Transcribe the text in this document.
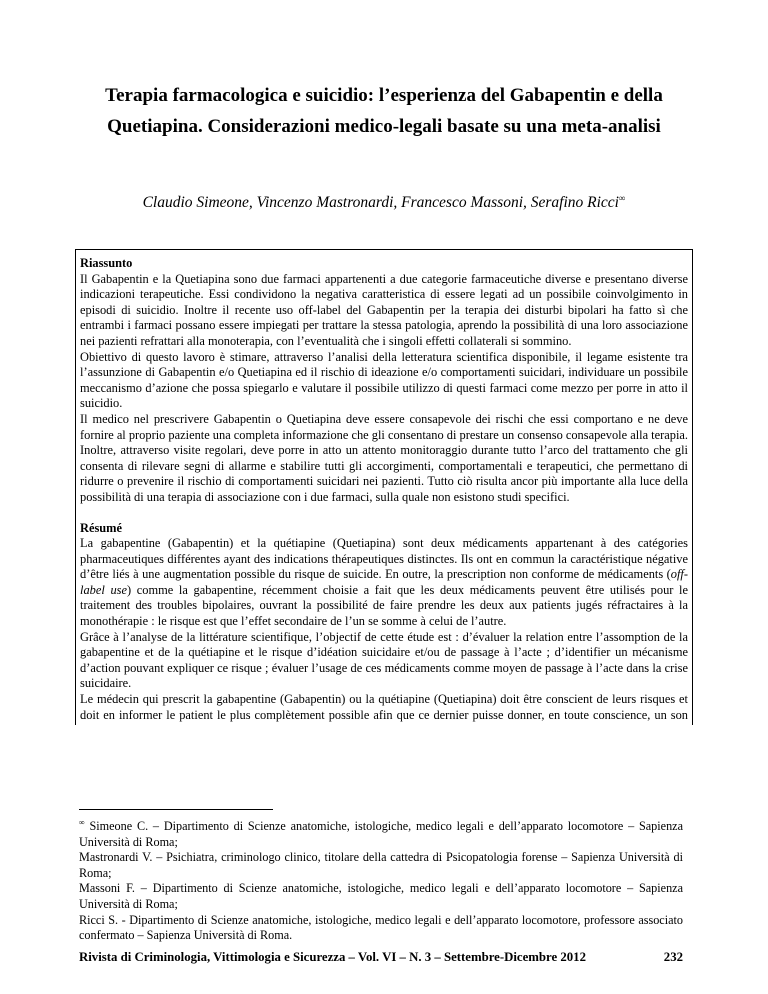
Terapia farmacologica e suicidio: l’esperienza del Gabapentin e della
Quetiapina. Considerazioni medico-legali basate su una meta-analisi
Claudio Simeone, Vincenzo Mastronardi, Francesco Massoni, Serafino Ricci∞
Riassunto

Il Gabapentin e la Quetiapina sono due farmaci appartenenti a due categorie farmaceutiche diverse e presentano diverse indicazioni terapeutiche. Essi condividono la negativa caratteristica di essere legati ad un possibile coinvolgimento in episodi di suicidio. Inoltre il recente uso off-label del Gabapentin per la terapia dei disturbi bipolari ha fatto sì che entrambi i farmaci possano essere impiegati per trattare la stessa patologia, aprendo la possibilità di una loro associazione nei pazienti refrattari alla monoterapia, con l’eventualità che i singoli effetti collaterali si sommino.

Obiettivo di questo lavoro è stimare, attraverso l’analisi della letteratura scientifica disponibile, il legame esistente tra l’assunzione di Gabapentin e/o Quetiapina ed il rischio di ideazione e/o comportamenti suicidari, individuare un possibile meccanismo d’azione che possa spiegarlo e valutare il possibile utilizzo di questi farmaci come mezzo per porre in atto il suicidio.

Il medico nel prescrivere Gabapentin o Quetiapina deve essere consapevole dei rischi che essi comportano e ne deve fornire al proprio paziente una completa informazione che gli consentano di prestare un consenso consapevole alla terapia. Inoltre, attraverso visite regolari, deve porre in atto un attento monitoraggio durante tutto l’arco del trattamento che gli consenta di rilevare segni di allarme e stabilire tutti gli accorgimenti, comportamentali e terapeutici, che permettano di ridurre o prevenire il rischio di comportamenti suicidari nei pazienti. Tutto ciò risulta ancor più importante alla luce della possibilità di una terapia di associazione con i due farmaci, sulla quale non esistono studi specifici.

Résumé

La gabapentine (Gabapentin) et la quétiapine (Quetiapina) sont deux médicaments appartenant à des catégories pharmaceutiques différentes ayant des indications thérapeutiques distinctes. Ils ont en commun la caractéristique négative d’être liés à une augmentation possible du risque de suicide. En outre, la prescription non conforme de médicaments (off-label use) comme la gabapentine, récemment choisie a fait que les deux médicaments peuvent être utilisés pour le traitement des troubles bipolaires, ouvrant la possibilité de faire prendre les deux aux patients jugés réfractaires à la monothérapie : le risque est que l’effet secondaire de l’un se somme à celui de l’autre.

Grâce à l’analyse de la littérature scientifique, l’objectif de cette étude est : d’évaluer la relation entre l’assomption de la gabapentine et de la quétiapine et le risque d’idéation suicidaire et/ou de passage à l’acte ; d’identifier un mécanisme d’action pouvant expliquer ce risque ; évaluer l’usage de ces médicaments comme moyen de passage à l’acte dans la crise suicidaire.

Le médecin qui prescrit la gabapentine (Gabapentin) ou la quétiapine (Quetiapina) doit être conscient de leurs risques et doit en informer le patient le plus complètement possible afin que ce dernier puisse donner, en toute conscience, un son

∞ Simeone C. – Dipartimento di Scienze anatomiche, istologiche, medico legali e dell’apparato locomotore – Sapienza Università di Roma;

Mastronardi V. – Psichiatra, criminologo clinico, titolare della cattedra di Psicopatologia forense – Sapienza Università di Roma;

Massoni F. – Dipartimento di Scienze anatomiche, istologiche, medico legali e dell’apparato locomotore – Sapienza Università di Roma;

Ricci S. - Dipartimento di Scienze anatomiche, istologiche, medico legali e dell’apparato locomotore, professore associato confermato – Sapienza Università di Roma.

Rivista di Criminologia, Vittimologia e Sicurezza – Vol. VI – N. 3 – Settembre-Dicembre 2012	232
